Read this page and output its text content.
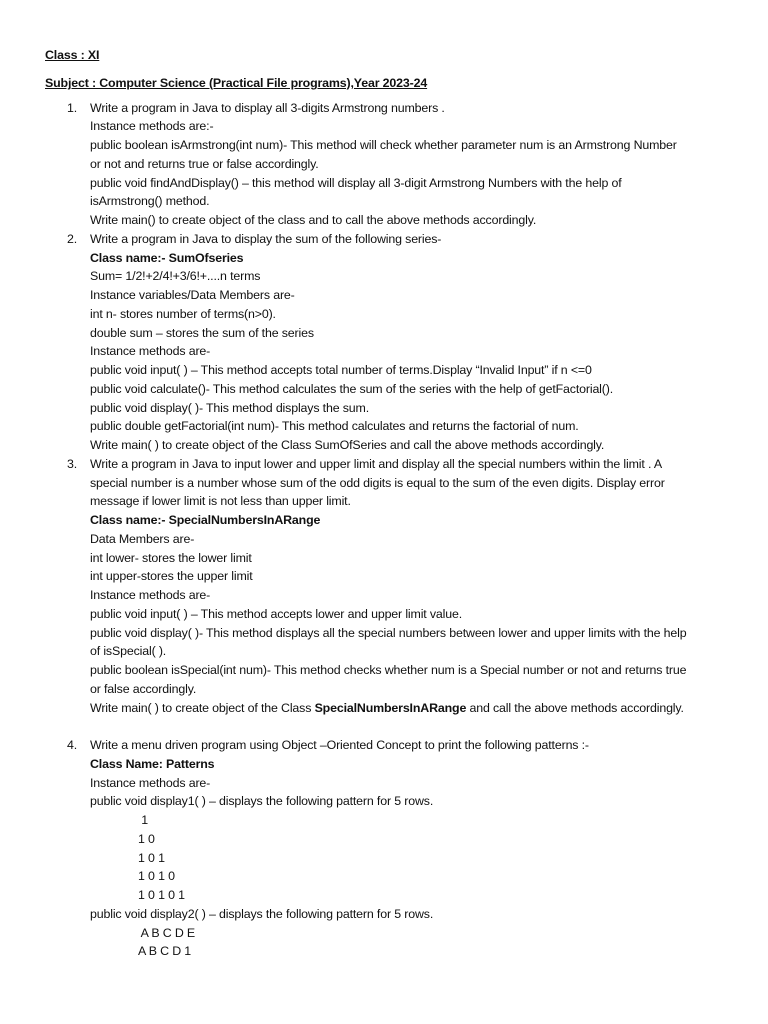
Class : XI

Subject : Computer Science (Practical File programs),Year 2023-24

1. Write a program in Java to display all 3-digits Armstrong numbers .
Instance methods are:-
public boolean isArmstrong(int num)- This method will check whether parameter num is an Armstrong Number
or not and returns true or false accordingly.
public void findAndDisplay() – this method will display all 3-digit Armstrong Numbers with the help of
isArmstrong() method.
Write main() to create object of the class and to call the above methods accordingly.
2. Write a program in Java to display the sum of the following series-
Class name:- SumOfseries
Sum= 1/2!+2/4!+3/6!+....n terms
Instance variables/Data Members are-
int n- stores number of terms(n>0).
double sum – stores the sum of the series
Instance methods are-
public void input( ) – This method accepts total number of terms.Display “Invalid Input” if n <=0
public void calculate()- This method calculates the sum of the series with the help of getFactorial().
public void display( )- This method displays the sum.
public double getFactorial(int num)- This method calculates and returns the factorial of num.
Write main( ) to create object of the Class SumOfSeries and call the above methods accordingly.
3. Write a program in Java to input lower and upper limit and display all the special numbers within the limit . A
special number is a number whose sum of the odd digits is equal to the sum of the even digits. Display error
message if lower limit is not less than upper limit.
Class name:- SpecialNumbersInARange
Data Members are-
int lower- stores the lower limit
int upper-stores the upper limit
Instance methods are-
public void input( ) – This method accepts lower and upper limit value.
public void display( )- This method displays all the special numbers between lower and upper limits with the help
of isSpecial( ).
public boolean isSpecial(int num)- This method checks whether num is a Special number or not and returns true
or false accordingly.
Write main( ) to create object of the Class SpecialNumbersInARange and call the above methods accordingly.
4. Write a menu driven program using Object –Oriented Concept to print the following patterns :-
Class Name: Patterns
Instance methods are-
public void display1( ) – displays the following pattern for 5 rows.
1
1 0
1 0 1
1 0 1 0
1 0 1 0 1
public void display2( ) – displays the following pattern for 5 rows.
A B C D E
A B C D 1
